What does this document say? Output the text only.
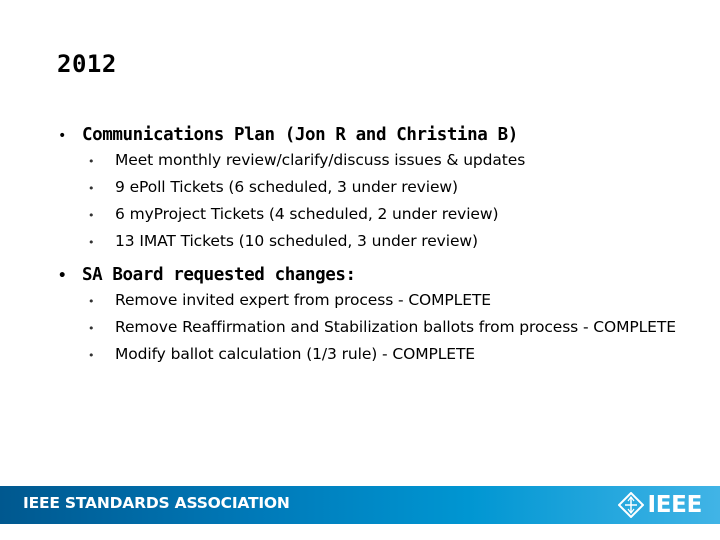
2012
• Communications Plan (Jon R and Christina B)
•	Meet monthly review/clarify/discuss issues & updates
•	9 ePoll Tickets (6 scheduled, 3 under review)
•	6 myProject Tickets (4 scheduled, 2 under review)
•	13 IMAT Tickets (10 scheduled, 3 under review)
• SA Board requested changes:
•	Remove invited expert from process - COMPLETE
•	Remove Reaffirmation and Stabilization ballots from process - COMPLETE
•	Modify ballot calculation (1/3 rule) - COMPLETE
IEEE STANDARDS ASSOCIATION	IEEE
